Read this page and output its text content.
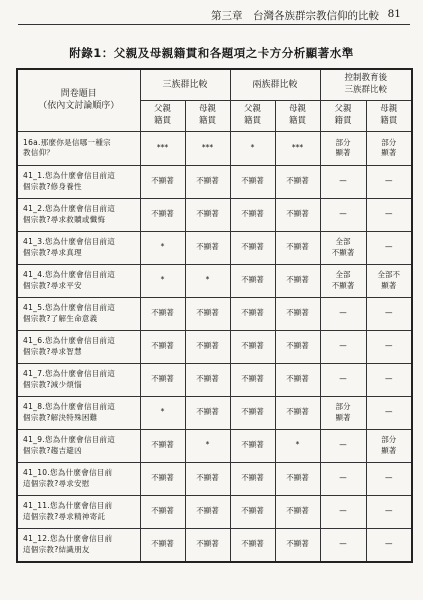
第三章　台灣各族群宗教信仰的比較 81
附錄1：父親及母親籍貫和各題項之卡方分析顯著水準
問卷題目
（依內文討論順序）	三族群比較		兩族群比較		控制教育後
三族群比較	
	父親
籍貫	母親
籍貫	父親
籍貫	母親
籍貫	父親
籍貫	母親
籍貫
16a.那麼你是信哪一種宗
教信仰？	***	***	*	***	部分
顯著	部分
顯著
41_1.您為什麼會信目前這
個宗教?修身養性	不顯著	不顯著	不顯著	不顯著	—	—
41_2.您為什麼會信目前這
個宗教?尋求救贖或懺悔	不顯著	不顯著	不顯著	不顯著	—	—
41_3.您為什麼會信目前這
個宗教?尋求真理	*	不顯著	不顯著	不顯著	全部
不顯著	—
41_4.您為什麼會信目前這
個宗教?尋求平安	*	*	不顯著	不顯著	全部
不顯著	全部不
顯著
41_5.您為什麼會信目前這
個宗教?了解生命意義	不顯著	不顯著	不顯著	不顯著	—	—
41_6.您為什麼會信目前這
個宗教?尋求智慧	不顯著	不顯著	不顯著	不顯著	—	—
41_7.您為什麼會信目前這
個宗教?減少煩惱	不顯著	不顯著	不顯著	不顯著	—	—
41_8.您為什麼會信目前這
個宗教?解決特殊困難	*	不顯著	不顯著	不顯著	部分
顯著	—
41_9.您為什麼會信目前這
個宗教?趨吉避凶	不顯著	*	不顯著	*	—	部分
顯著
41_10.您為什麼會信目前
這個宗教?尋求安慰	不顯著	不顯著	不顯著	不顯著	—	—
41_11.您為什麼會信目前
這個宗教?尋求精神寄託	不顯著	不顯著	不顯著	不顯著	—	—
41_12.您為什麼會信目前
這個宗教?結識朋友	不顯著	不顯著	不顯著	不顯著	—	—
